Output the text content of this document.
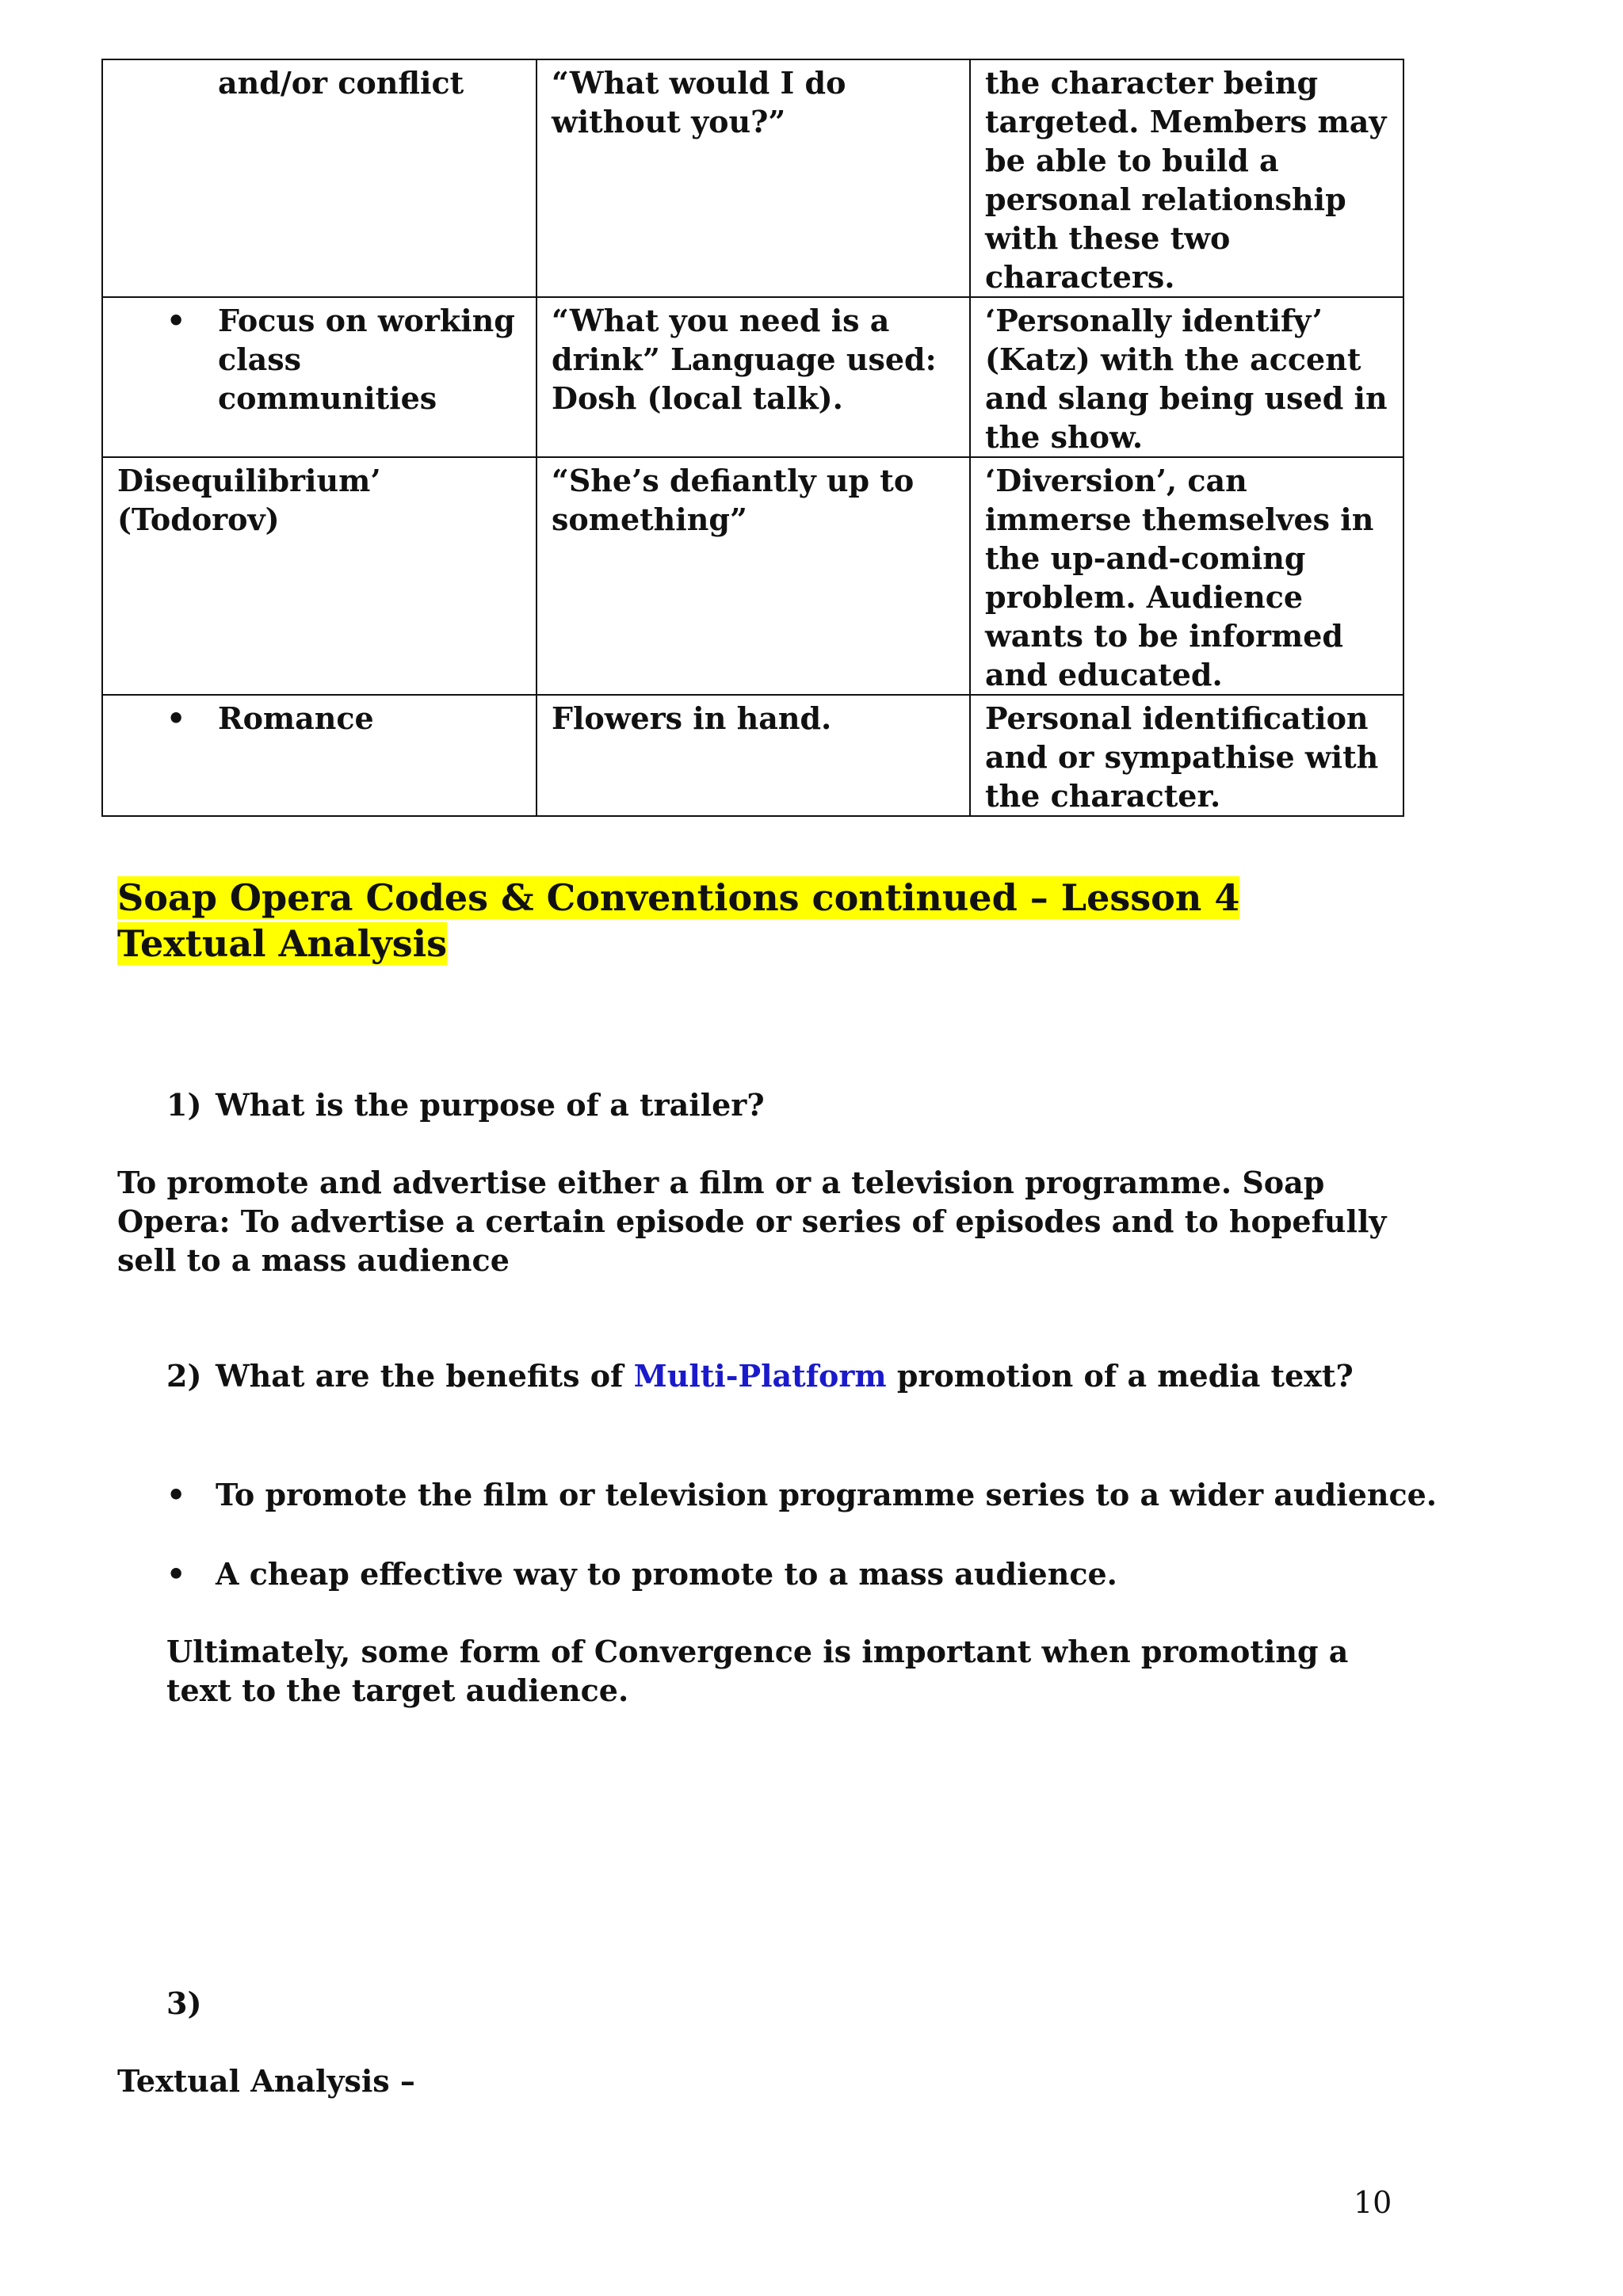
and/or conflict	“What would I do without you?”	the character being targeted. Members may be able to build a personal relationship with these two characters.

• Focus on working class communities	“What you need is a drink” Language used: Dosh (local talk).	‘Personally identify’ (Katz) with the accent and slang being used in the show.
Disequilibrium’ (Todorov)	“She’s defiantly up to something”	‘Diversion’, can immerse themselves in the up-and-coming problem. Audience wants to be informed and educated.

• Romance	Flowers in hand.	Personal identification and or sympathise with the character.
Soap Opera Codes & Conventions continued – Lesson 4
Textual Analysis
1) What is the purpose of a trailer?
To promote and advertise either a film or a television programme. Soap Opera: To advertise a certain episode or series of episodes and to hopefully sell to a mass audience
2) What are the benefits of Multi-Platform promotion of a media text?
• To promote the film or television programme series to a wider audience.
• A cheap effective way to promote to a mass audience.
Ultimately, some form of Convergence is important when promoting a text to the target audience.
3)
Textual Analysis –
10
